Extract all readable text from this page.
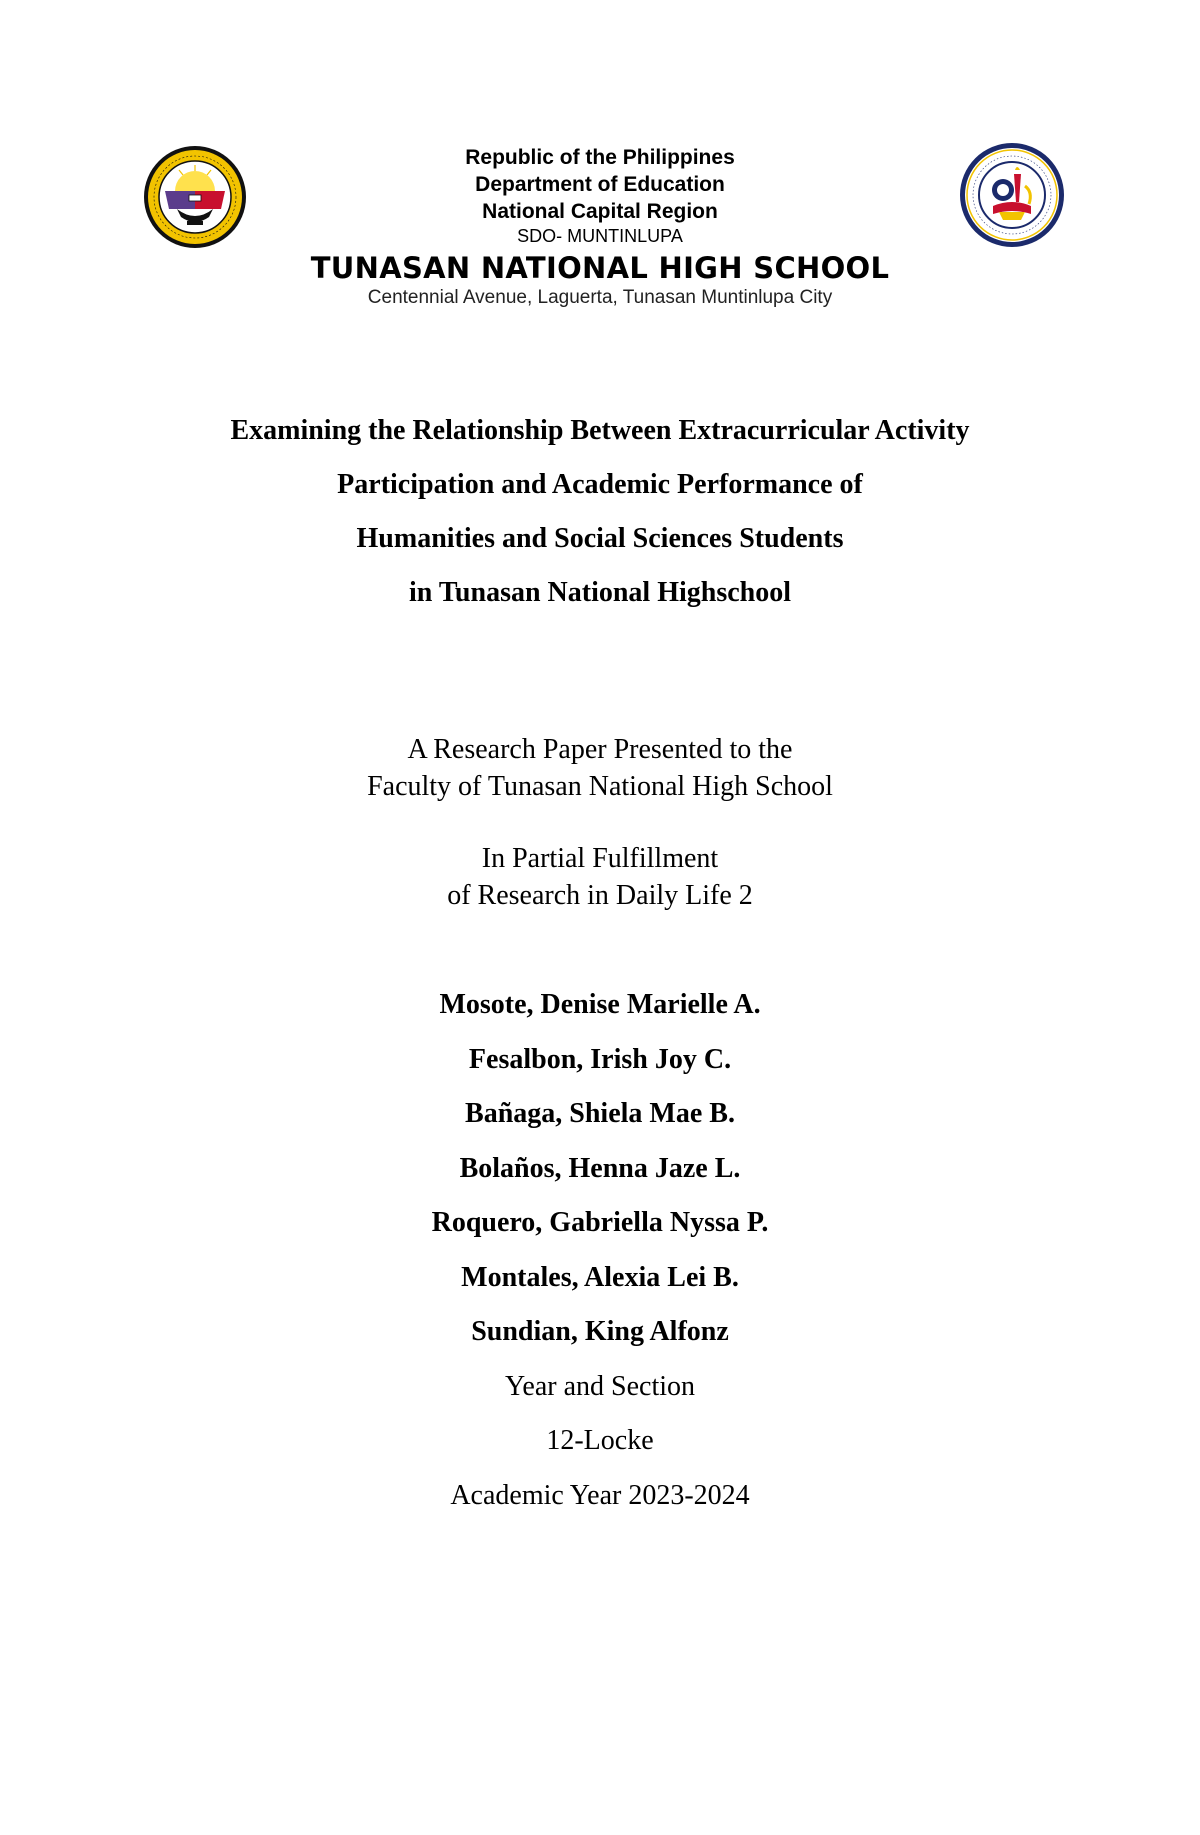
Republic of the Philippines
Department of Education
National Capital Region
SDO- MUNTINLUPA
TUNASAN NATIONAL HIGH SCHOOL
Centennial Avenue, Laguerta, Tunasan Muntinlupa City
Examining the Relationship Between Extracurricular Activity
Participation and Academic Performance of
Humanities and Social Sciences Students
in Tunasan National Highschool
A Research Paper Presented to the
Faculty of Tunasan National High School
In Partial Fulfillment
of Research in Daily Life 2
Mosote, Denise Marielle A.
Fesalbon, Irish Joy C.
Bañaga, Shiela Mae B.
Bolaños, Henna Jaze L.
Roquero, Gabriella Nyssa P.
Montales, Alexia Lei B.
Sundian, King Alfonz
Year and Section
12-Locke
Academic Year 2023-2024
